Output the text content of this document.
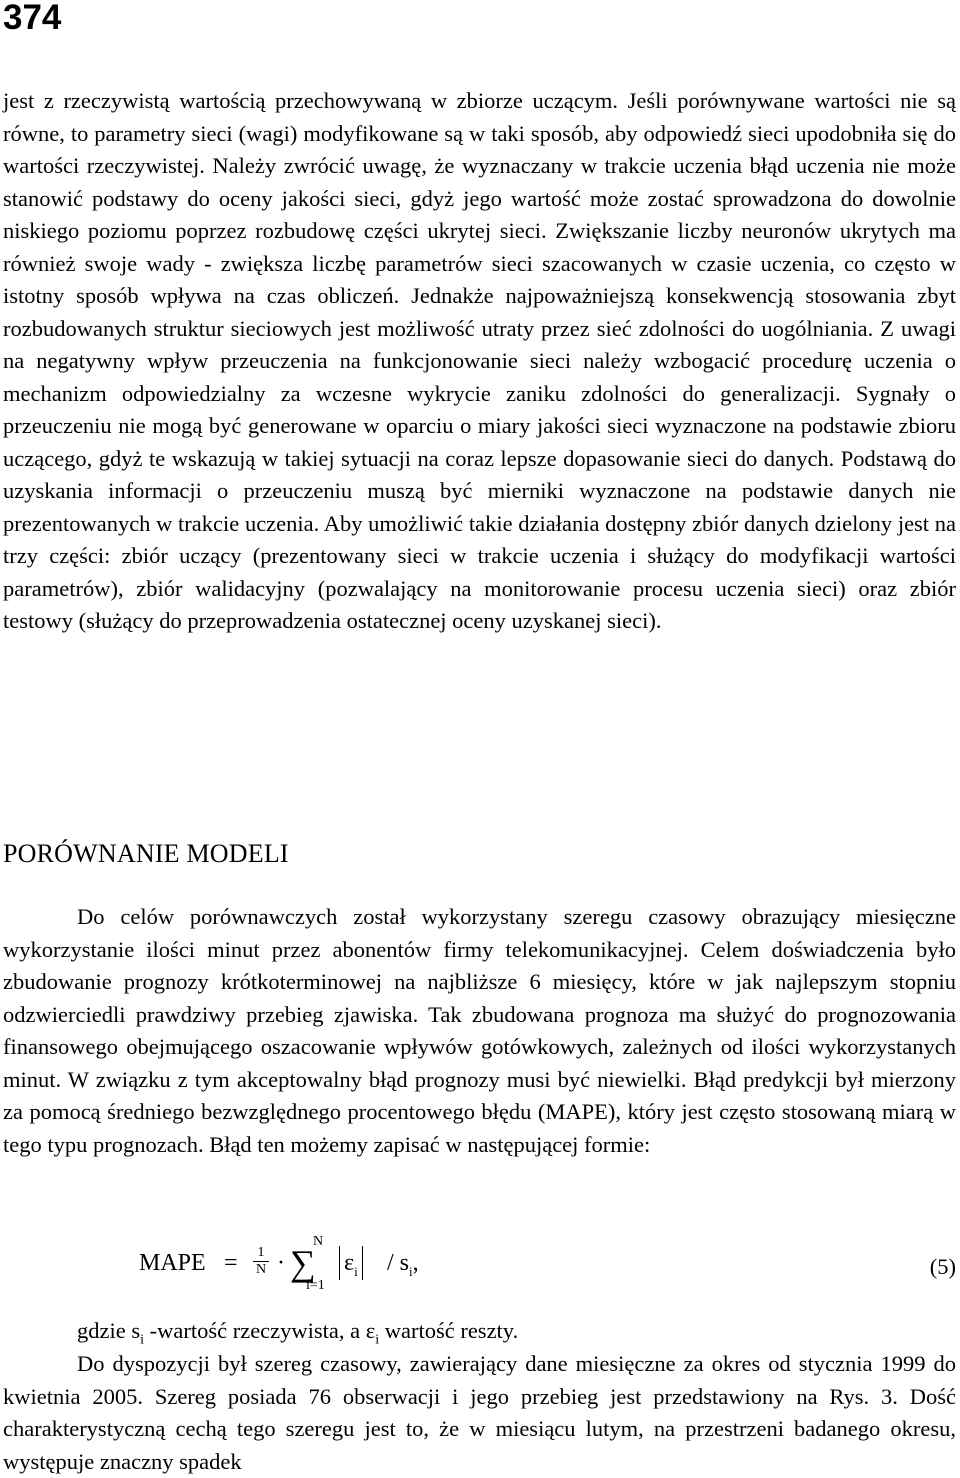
374

jest z rzeczywistą wartością przechowywaną w zbiorze uczącym. Jeśli porównywane wartości nie są równe, to parametry sieci (wagi) modyfikowane są w taki sposób, aby odpowiedź sieci upodobniła się do wartości rzeczywistej. Należy zwrócić uwagę, że wyznaczany w trakcie uczenia błąd uczenia nie może stanowić podstawy do oceny jakości sieci, gdyż jego wartość może zostać sprowadzona do dowolnie niskiego poziomu poprzez rozbudowę części ukrytej sieci. Zwiększanie liczby neuronów ukrytych ma również swoje wady - zwiększa liczbę parametrów sieci szacowanych w czasie uczenia, co często w istotny sposób wpływa na czas obliczeń. Jednakże najpoważniejszą konsekwencją stosowania zbyt rozbudowanych struktur sieciowych jest możliwość utraty przez sieć zdolności do uogólniania. Z uwagi na negatywny wpływ przeuczenia na funkcjonowanie sieci należy wzbogacić procedurę uczenia o mechanizm odpowiedzialny za wczesne wykrycie zaniku zdolności do generalizacji. Sygnały o przeuczeniu nie mogą być generowane w oparciu o miary jakości sieci wyznaczone na podstawie zbioru uczącego, gdyż te wskazują w takiej sytuacji na coraz lepsze dopasowanie sieci do danych. Podstawą do uzyskania informacji o przeuczeniu muszą być mierniki wyznaczone na podstawie danych nie prezentowanych w trakcie uczenia. Aby umożliwić takie działania dostępny zbiór danych dzielony jest na trzy części: zbiór uczący (prezentowany sieci w trakcie uczenia i służący do modyfikacji wartości parametrów), zbiór walidacyjny (pozwalający na monitorowanie procesu uczenia sieci) oraz zbiór testowy (służący do przeprowadzenia ostatecznej oceny uzyskanej sieci).

PORÓWNANIE MODELI

Do celów porównawczych został wykorzystany szeregu czasowy obrazujący miesięczne wykorzystanie ilości minut przez abonentów firmy telekomunikacyjnej. Celem doświadczenia było zbudowanie prognozy krótkoterminowej na najbliższe 6 miesięcy, które w jak najlepszym stopniu odzwierciedli prawdziwy przebieg zjawiska. Tak zbudowana prognoza ma służyć do prognozowania finansowego obejmującego oszacowanie wpływów gotówkowych, zależnych od ilości wykorzystanych minut. W związku z tym akceptowalny błąd prognozy musi być niewielki. Błąd predykcji był mierzony za pomocą średniego bezwzględnego procentowego błędu (MAPE), który jest często stosowaną miarą w tego typu prognozach. Błąd ten możemy zapisać w następującej formie:

MAPE = $\frac{1}{N}$ · ∑
N
i=1
$\varepsilon_i / s_i$,	(5)

gdzie $s_i$ -wartość rzeczywista, a $\varepsilon_i$ wartość reszty.

Do dyspozycji był szereg czasowy, zawierający dane miesięczne za okres od stycznia 1999 do kwietnia 2005. Szereg posiada 76 obserwacji i jego przebieg jest przedstawiony na Rys. 3. Dość charakterystyczną cechą tego szeregu jest to, że w miesiącu lutym, na przestrzeni badanego okresu, występuje znaczny spadek
